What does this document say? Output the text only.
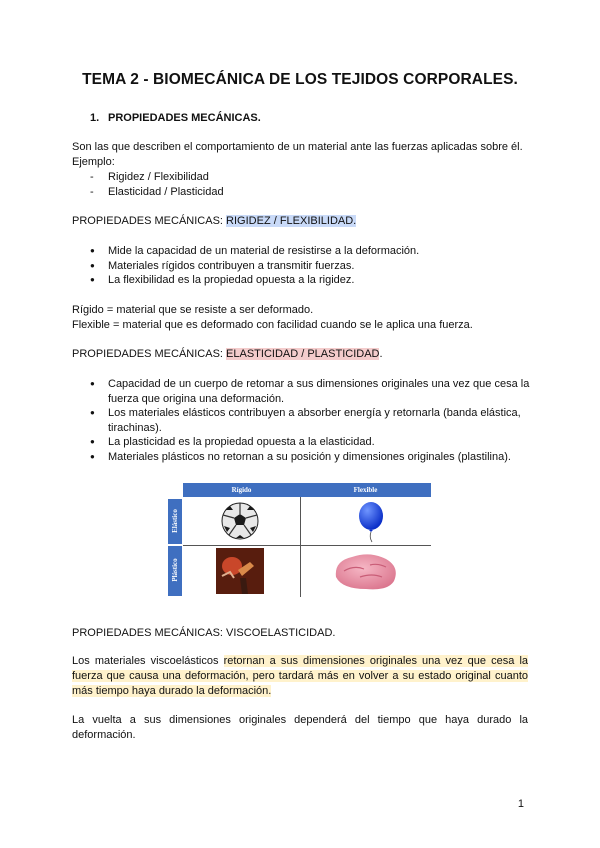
TEMA 2 - BIOMECÁNICA DE LOS TEJIDOS CORPORALES.
1. PROPIEDADES MECÁNICAS.
Son las que describen el comportamiento de un material ante las fuerzas aplicadas sobre él.
Ejemplo:
- Rigidez / Flexibilidad
- Elasticidad / Plasticidad
PROPIEDADES MECÁNICAS: RIGIDEZ / FLEXIBILIDAD.
● Mide la capacidad de un material de resistirse a la deformación.
● Materiales rígidos contribuyen a transmitir fuerzas.
● La flexibilidad es la propiedad opuesta a la rigidez.
Rígido = material que se resiste a ser deformado.
Flexible = material que es deformado con facilidad cuando se le aplica una fuerza.
PROPIEDADES MECÁNICAS: ELASTICIDAD / PLASTICIDAD.
● Capacidad de un cuerpo de retomar a sus dimensiones originales una vez que cesa la fuerza que origina una deformación.
● Los materiales elásticos contribuyen a absorber energía y retornarla (banda elástica, tirachinas).
● La plasticidad es la propiedad opuesta a la elasticidad.
● Materiales plásticos no retornan a su posición y dimensiones originales (plastilina).
Rígido	Flexible
Elástico
Plástico
PROPIEDADES MECÁNICAS: VISCOELASTICIDAD.
Los materiales viscoelásticos retornan a sus dimensiones originales una vez que cesa la fuerza que causa una deformación, pero tardará más en volver a su estado original cuanto más tiempo haya durado la deformación.
La vuelta a sus dimensiones originales dependerá del tiempo que haya durado la deformación.
1
